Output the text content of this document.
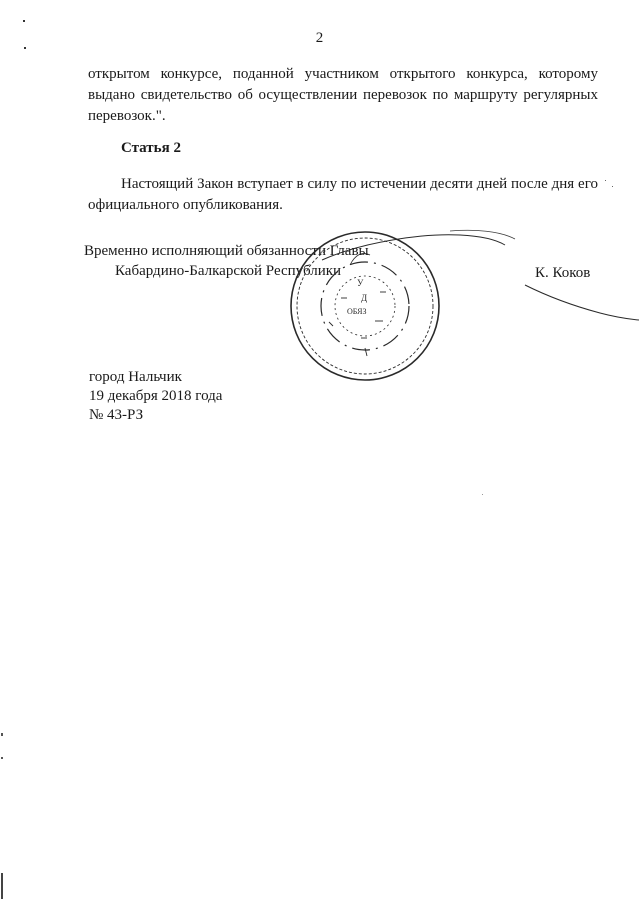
2

открытом конкурсе, поданной участником открытого конкурса, которому выдано свидетельство об осуществлении перевозок по маршруту регулярных перевозок.".

Статья 2

Настоящий Закон вступает в силу по истечении десяти дней после дня его официального опубликования.

Временно исполняющий обязанности Главы
Кабардино-Балкарской Республики	К. Коков
город Нальчик
19 декабря 2018 года
№ 43-РЗ
У
Д
ОБЯЗ
